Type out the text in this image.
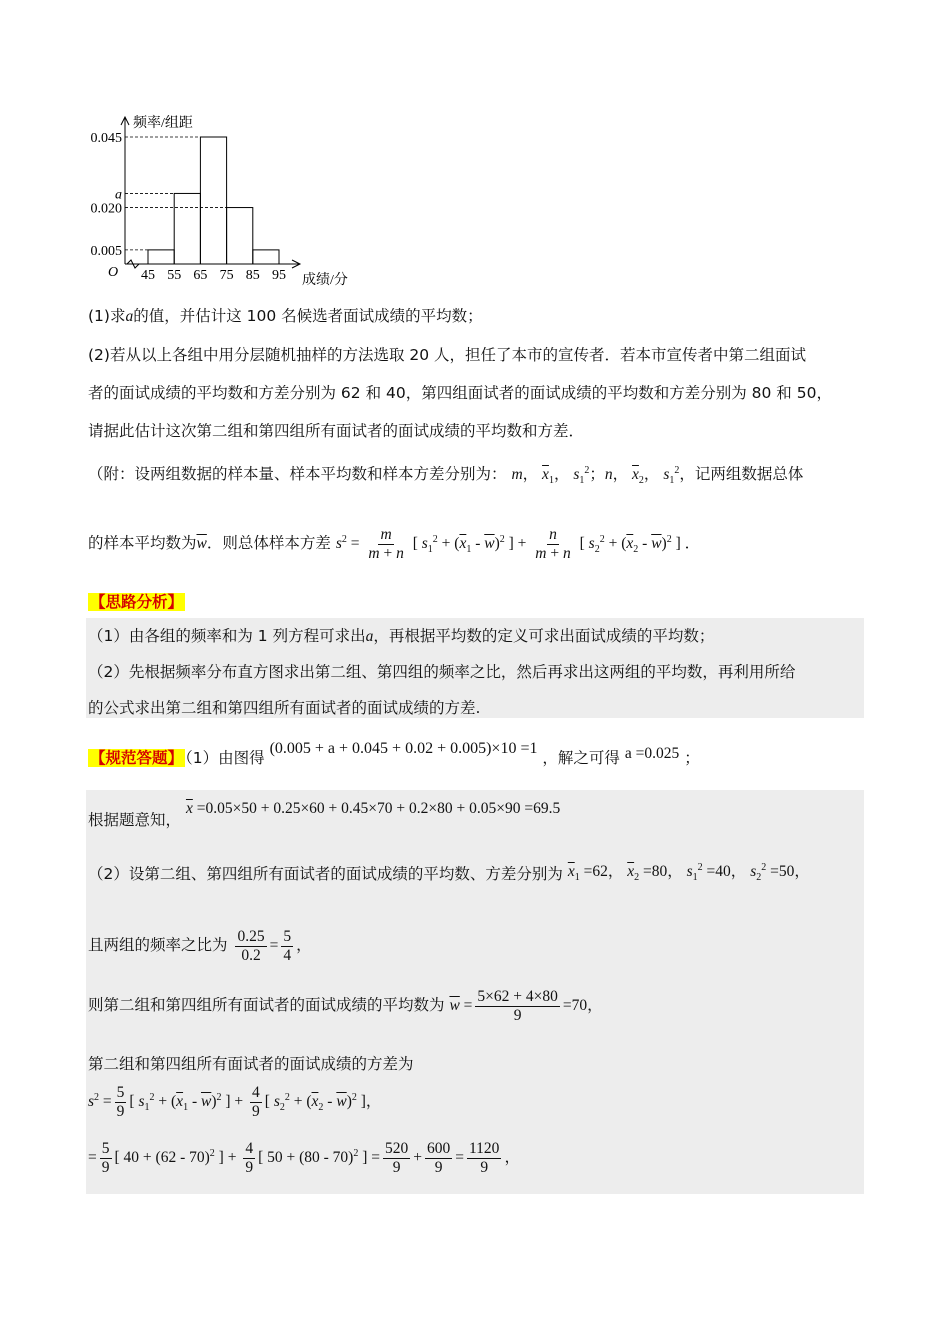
频率/组距
成绩/分
O
0.045
a
0.020
0.005
45 55 65 75 85 95
(1)求a的值，并估计这 100 名候选者面试成绩的平均数；
(2)若从以上各组中用分层随机抽样的方法选取 20 人，担任了本市的宣传者．若本市宣传者中第二组面试
者的面试成绩的平均数和方差分别为 62 和 40，第四组面试者的面试成绩的平均数和方差分别为 80 和 50，
请据此估计这次第二组和第四组所有面试者的面试成绩的平均数和方差．
（附：设两组数据的样本量、样本平均数和样本方差分别为： m， $\overline{x}_1$， $s_1^2$；n， $\overline{x}_2$， $s_1^2$，记两组数据总体
的样本平均数为$\overline{w}$．则总体样本方差 $s^2 = \frac{m}{m + n}$ [ $s_1^2 + (\overline{x}_1 - \overline{w})^2$ ] + $\frac{n}{m + n}$ [ $s_2^2 + (\overline{x}_2 - \overline{w})^2$ ] ．
【思路分析】
（1）由各组的频率和为 1 列方程可求出a，再根据平均数的定义可求出面试成绩的平均数；
（2）先根据频率分布直方图求出第二组、第四组的频率之比，然后再求出这两组的平均数，再利用所给
的公式求出第二组和第四组所有面试者的面试成绩的方差.
【规范答题】 （1）由图得 (0.005 + a + 0.045 + 0.02 + 0.005)×10 =1 ，解之可得 a =0.025 ；
根据题意知， $\overline{x} =0.05\times 50 + 0.25\times 60 + 0.45\times 70 + 0.2\times 80 + 0.05\times 90 =69.5$
（2）设第二组、第四组所有面试者的面试成绩的平均数、方差分别为 $\overline{x}_1 =62$， $\overline{x}_2 =80$， $s_1^2 =40$， $s_2^2 =50$，
且两组的频率之比为 $\frac{0.25}{0.2} = \frac{5}{4}$ ，
则第二组和第四组所有面试者的面试成绩的平均数为 $\overline{w} = \frac{5\times 62 + 4\times 80}{9} =70$，
第二组和第四组所有面试者的面试成绩的方差为
$s^2 = \frac{5}{9}$ [ $s_1^2 + (\overline{x}_1 - \overline{w})^2$ ] + $\frac{4}{9}$ [ $s_2^2 + (\overline{x}_2 - \overline{w})^2$ ]，
= $\frac{5}{9}$ [ 40 + (62 - 70)$^2$ ] + $\frac{4}{9}$ [ 50 + (80 - 70)$^2$ ] = $\frac{520}{9} + \frac{600}{9} = \frac{1120}{9}$ ，
